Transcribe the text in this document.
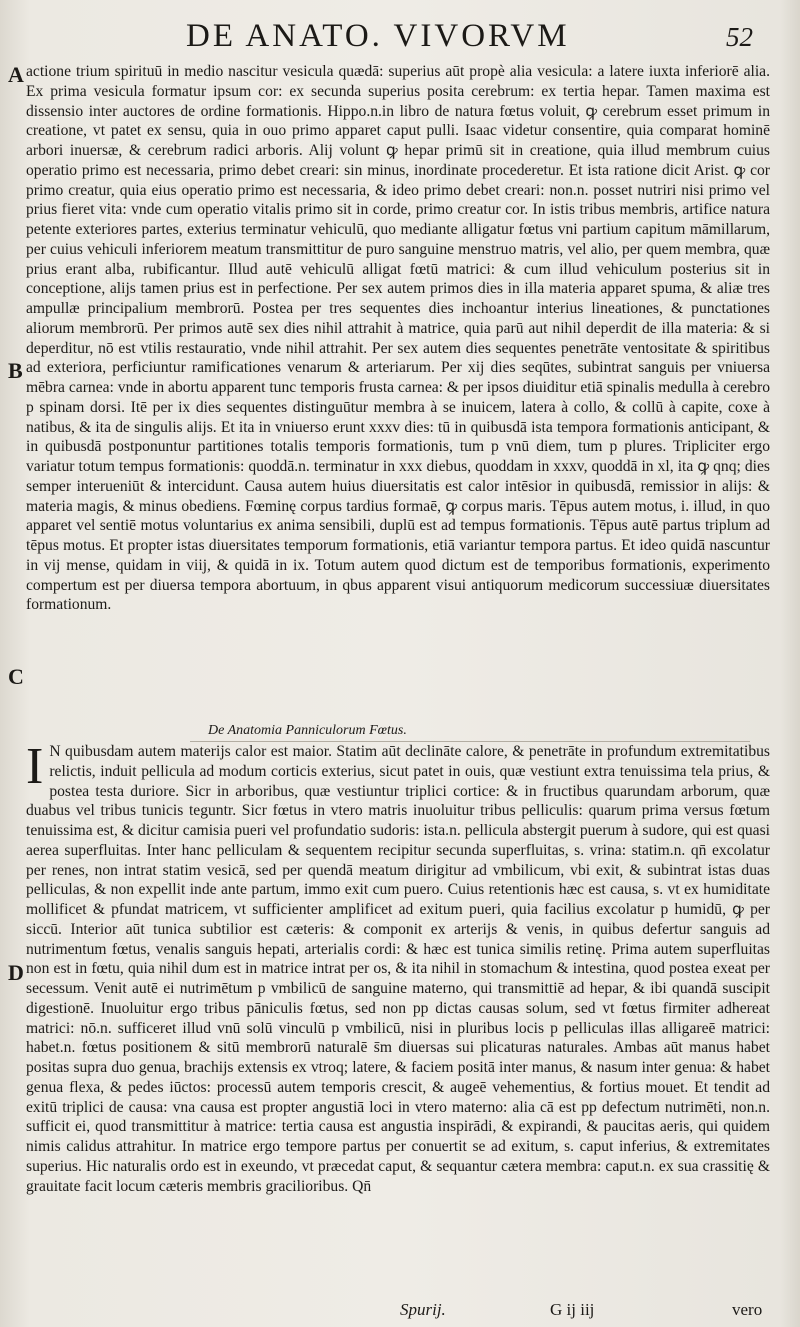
DE ANATO. VIVORVM	52
A
B
C
D

actione trium spirituū in medio nascitur vesicula quædā: superius aūt propè alia vesicula: a latere iuxta inferiorē alia. Ex prima vesicula formatur ipsum cor: ex secunda superius posita cerebrum: ex tertia hepar. Tamen maxima est dissensio inter auctores de ordine formationis. Hippo.n.in libro de natura fœtus voluit, ꝙ cerebrum esset primum in creatione, vt patet ex sensu, quia in ouo primo apparet caput pulli. Isaac videtur consentire, quia comparat hominē arbori inuersæ, & cerebrum radici arboris. Alij volunt ꝙ hepar primū sit in creatione, quia illud membrum cuius operatio primo est necessaria, primo debet creari: sin minus, inordinate procederetur. Et ista ratione dicit Arist. ꝙ cor primo creatur, quia eius operatio primo est necessaria, & ideo primo debet creari: non.n. posset nutriri nisi primo vel prius fieret vita: vnde cum operatio vitalis primo sit in corde, primo creatur cor. In istis tribus membris, artifice natura petente exteriores partes, exterius terminatur vehiculū, quo mediante alligatur fœtus vni partium capitum māmillarum, per cuius vehiculi inferiorem meatum transmittitur de puro sanguine menstruo matris, vel alio, per quem membra, quæ prius erant alba, rubificantur. Illud autē vehiculū alligat fœtū matrici: & cum illud vehiculum posterius sit in conceptione, alijs tamen prius est in perfectione. Per sex autem primos dies in illa materia apparet spuma, & aliæ tres ampullæ principalium membrorū. Postea per tres sequentes dies inchoantur interius lineationes, & punctationes aliorum membrorū. Per primos autē sex dies nihil attrahit à matrice, quia parū aut nihil deperdit de illa materia: & si deperditur, nō est vtilis restauratio, vnde nihil attrahit. Per sex autem dies sequentes penetrāte ventositate & spiritibus ad exteriora, perficiuntur ramificationes venarum & arteriarum. Per xij dies seqūtes, subintrat sanguis per vniuersa mēbra carnea: vnde in abortu apparent tunc temporis frusta carnea: & per ipsos diuiditur etiā spinalis medulla à cerebro p spinam dorsi. Itē per ix dies sequentes distinguūtur membra à se inuicem, latera à collo, & collū à capite, coxe à natibus, & ita de singulis alijs. Et ita in vniuerso erunt xxxv dies: tū in quibusdā ista tempora formationis anticipant, & in quibusdā postponuntur partitiones totalis temporis formationis, tum p vnū diem, tum p plures. Tripliciter ergo variatur totum tempus formationis: quoddā.n. terminatur in xxx diebus, quoddam in xxxv, quoddā in xl, ita ꝙ qnq; dies semper interueniūt & intercidunt. Causa autem huius diuersitatis est calor intēsior in quibusdā, remissior in alijs: & materia magis, & minus obediens. Fœminę corpus tardius formaē, ꝙ corpus maris. Tēpus autem motus, i. illud, in quo apparet vel sentiē motus voluntarius ex anima sensibili, duplū est ad tempus formationis. Tēpus autē partus triplum ad tēpus motus. Et propter istas diuersitates temporum formationis, etiā variantur tempora partus. Et ideo quidā nascuntur in vij mense, quidam in viij, & quidā in ix. Totum autem quod dictum est de temporibus formationis, experimento compertum est per diuersa tempora abortuum, in qbus apparent visui antiquorum medicorum successiuæ diuersitates formationum.

De Anatomia Panniculorum Fœtus.
I N quibusdam autem materijs calor est maior. Statim aūt declināte calore, & penetrāte in profundum extremitatibus relictis, induit pellicula ad modum corticis exterius, sicut patet in ouis, quæ vestiunt extra tenuissima tela prius, & postea testa duriore. Sicr in arboribus, quæ vestiuntur triplici cortice: & in fructibus quarundam arborum, quæ duabus vel tribus tunicis teguntr. Sicr fœtus in vtero matris inuoluitur tribus pelliculis: quarum prima versus fœtum tenuissima est, & dicitur camisia pueri vel profundatio sudoris: ista.n. pellicula abstergit puerum à sudore, qui est quasi aerea superfluitas. Inter hanc pelliculam & sequentem recipitur secunda superfluitas, s. vrina: statim.n. qn̄ excolatur per renes, non intrat statim vesicā, sed per quendā meatum dirigitur ad vmbilicum, vbi exit, & subintrat istas duas pelliculas, & non expellit inde ante partum, immo exit cum puero. Cuius retentionis hæc est causa, s. vt ex humiditate mollificet & pfundat matricem, vt sufficienter amplificet ad exitum pueri, quia facilius excolatur p humidū, ꝙ per siccū. Interior aūt tunica subtilior est cæteris: & componit ex arterijs & venis, in quibus defertur sanguis ad nutrimentum fœtus, venalis sanguis hepati, arterialis cordi: & hæc est tunica similis retinę. Prima autem superfluitas non est in fœtu, quia nihil dum est in matrice intrat per os, & ita nihil in stomachum & intestina, quod postea exeat per secessum. Venit autē ei nutrimētum p vmbilicū de sanguine materno, qui transmittiē ad hepar, & ibi quandā suscipit digestionē. Inuoluitur ergo tribus pāniculis fœtus, sed non pp dictas causas solum, sed vt fœtus firmiter adhereat matrici: nō.n. sufficeret illud vnū solū vinculū p vmbilicū, nisi in pluribus locis p pelliculas illas alligareē matrici: habet.n. fœtus positionem & sitū membrorū naturalē s̄m diuersas sui plicaturas naturales. Ambas aūt manus habet positas supra duo genua, brachijs extensis ex vtroq; latere, & faciem positā inter manus, & nasum inter genua: & habet genua flexa, & pedes iūctos: processū autem temporis crescit, & augeē vehementius, & fortius mouet. Et tendit ad exitū triplici de causa: vna causa est propter angustiā loci in vtero materno: alia cā est pp defectum nutrimēti, non.n. sufficit ei, quod transmittitur à matrice: tertia causa est angustia inspirādi, & expirandi, & paucitas aeris, qui quidem nimis calidus attrahitur. In matrice ergo tempore partus per conuertit se ad exitum, s. caput inferius, & extremitates superius. Hic naturalis ordo est in exeundo, vt præcedat caput, & sequantur cætera membra: caput.n. ex sua crassitię & grauitate facit locum cæteris membris gracilioribus. Qn̄

Spurij.	G ij iij	vero
